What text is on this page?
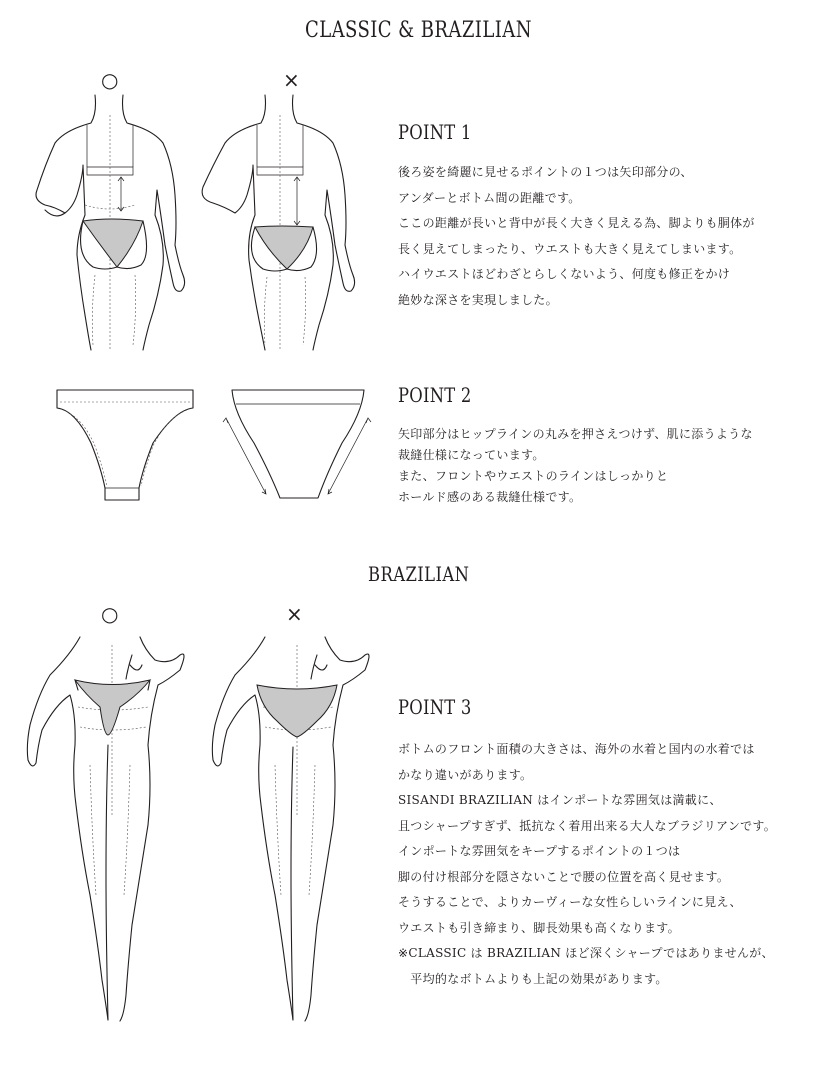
CLASSIC & BRAZILIAN
○	×
POINT 1
後ろ姿を綺麗に見せるポイントの１つは矢印部分の、
アンダーとボトム間の距離です。
ここの距離が長いと背中が長く大きく見える為、脚よりも胴体が
長く見えてしまったり、ウエストも大きく見えてしまいます。
ハイウエストほどわざとらしくないよう、何度も修正をかけ
絶妙な深さを実現しました。
POINT 2
矢印部分はヒップラインの丸みを押さえつけず、肌に添うような
裁縫仕様になっています。
また、フロントやウエストのラインはしっかりと
ホールド感のある裁縫仕様です。
BRAZILIAN
○	×
POINT 3
ボトムのフロント面積の大きさは、海外の水着と国内の水着では
かなり違いがあります。
SISANDI BRAZILIAN はインポートな雰囲気は満載に、
且つシャープすぎず、抵抗なく着用出来る大人なブラジリアンです。
インポートな雰囲気をキープするポイントの１つは
脚の付け根部分を隠さないことで腰の位置を高く見せます。
そうすることで、よりカーヴィーな女性らしいラインに見え、
ウエストも引き締まり、脚長効果も高くなります。
※CLASSIC は BRAZILIAN ほど深くシャープではありませんが、
　平均的なボトムよりも上記の効果があります。
